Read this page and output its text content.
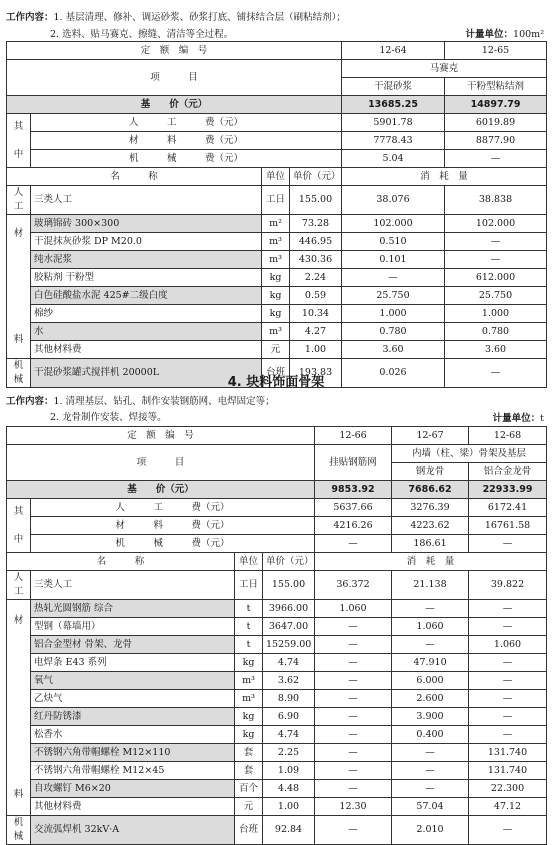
工作内容：1. 基层清理、修补、调运砂浆、砂浆打底、铺抹结合层（刷粘结剂）；
2. 选料、贴马赛克、擦缝、清洁等全过程。	计量单位：100m²
定　额　编　号	12-64	12-65
项　　　目	马赛克
干混砂浆	干粉型粘结剂
基　　价（元）	13685.25	14897.79
其

中	人　　　工　　　费（元）	5901.78	6019.89
材　　　料　　　费（元）	7778.43	8877.90
机　　　械　　　费（元）	5.04	—
名　　　称	单位	单价（元）	消　耗　量
人工	三类人工	工日	155.00	38.076	38.838
材
料	玻璃锦砖 300×300	m²	73.28	102.000	102.000
干混抹灰砂浆 DP M20.0	m³	446.95	0.510	—
纯水泥浆	m³	430.36	0.101	—
胶粘剂 干粉型	kg	2.24	—	612.000
白色硅酸盐水泥 425#二级白度	kg	0.59	25.750	25.750
棉纱	kg	10.34	1.000	1.000
水	m³	4.27	0.780	0.780
其他材料费	元	1.00	3.60	3.60
机械	干混砂浆罐式搅拌机 20000L	台班	193.83	0.026	—
4. 块料饰面骨架
工作内容：1. 清理基层、钻孔、制作安装钢筋网、电焊固定等；
2. 龙骨制作安装、焊接等。	计量单位：t
定　额　编　号	12-66	12-67	12-68
项　　　目	挂贴钢筋网	内墙（柱、梁）骨架及基层
钢龙骨	铝合金龙骨
基　　价（元）	9853.92	7686.62	22933.99
其

中	人　　　工　　　费（元）	5637.66	3276.39	6172.41
材　　　料　　　费（元）	4216.26	4223.62	16761.58
机　　　械　　　费（元）	—	186.61	—
名　　　称	单位	单价（元）	消　耗　量
人工	三类人工	工日	155.00	36.372	21.138	39.822
材
料	热轧光圆钢筋 综合	t	3966.00	1.060	—	—
型钢（幕墙用）	t	3647.00	—	1.060	—
铝合金型材 骨架、龙骨	t	15259.00	—	—	1.060
电焊条 E43 系列	kg	4.74	—	47.910	—
氧气	m³	3.62	—	6.000	—
乙炔气	m³	8.90	—	2.600	—
红丹防锈漆	kg	6.90	—	3.900	—
松香水	kg	4.74	—	0.400	—
不锈钢六角带帽螺栓 M12×110	套	2.25	—	—	131.740
不锈钢六角带帽螺栓 M12×45	套	1.09	—	—	131.740
自攻螺钉 M6×20	百个	4.48	—	—	22.300
其他材料费	元	1.00	12.30	57.04	47.12
机械	交流弧焊机 32kV·A	台班	92.84	—	2.010	—
